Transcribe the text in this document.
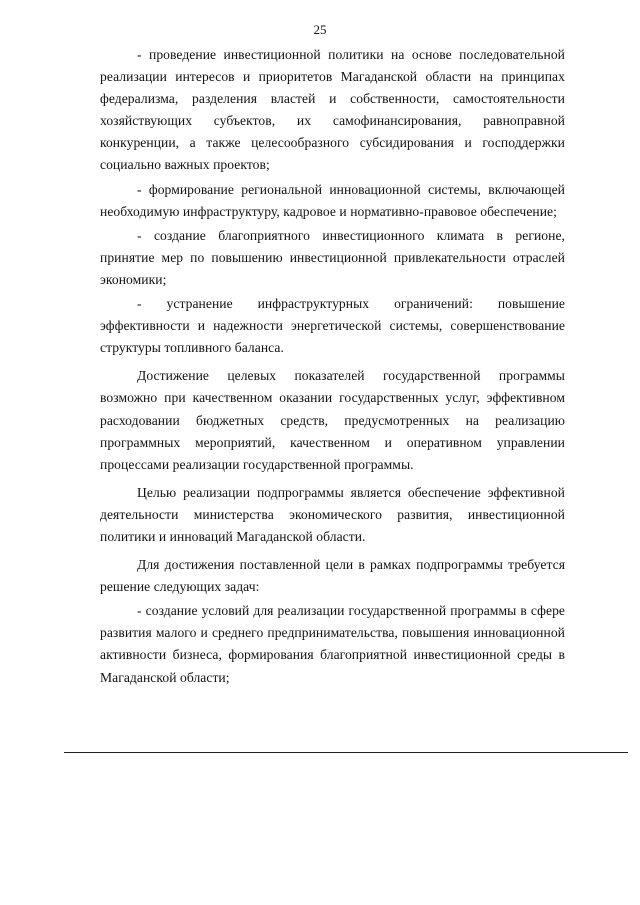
25

- проведение инвестиционной политики на основе последовательной реализации интересов и приоритетов Магаданской области на принципах федерализма, разделения властей и собственности, самостоятельности хозяйствующих субъектов, их самофинансирования, равноправной конкуренции, а также целесообразного субсидирования и господдержки социально важных проектов;

- формирование региональной инновационной системы, включающей необходимую инфраструктуру, кадровое и нормативно-правовое обеспечение;

- создание благоприятного инвестиционного климата в регионе, принятие мер по повышению инвестиционной привлекательности отраслей экономики;

- устранение инфраструктурных ограничений: повышение эффективности и надежности энергетической системы, совершенствование структуры топливного баланса.

Достижение целевых показателей государственной программы возможно при качественном оказании государственных услуг, эффективном расходовании бюджетных средств, предусмотренных на реализацию программных мероприятий, качественном и оперативном управлении процессами реализации государственной программы.

Целью реализации подпрограммы является обеспечение эффективной деятельности министерства экономического развития, инвестиционной политики и инноваций Магаданской области.

Для достижения поставленной цели в рамках подпрограммы требуется решение следующих задач:

- создание условий для реализации государственной программы в сфере развития малого и среднего предпринимательства, повышения инновационной активности бизнеса, формирования благоприятной инвестиционной среды в Магаданской области;
